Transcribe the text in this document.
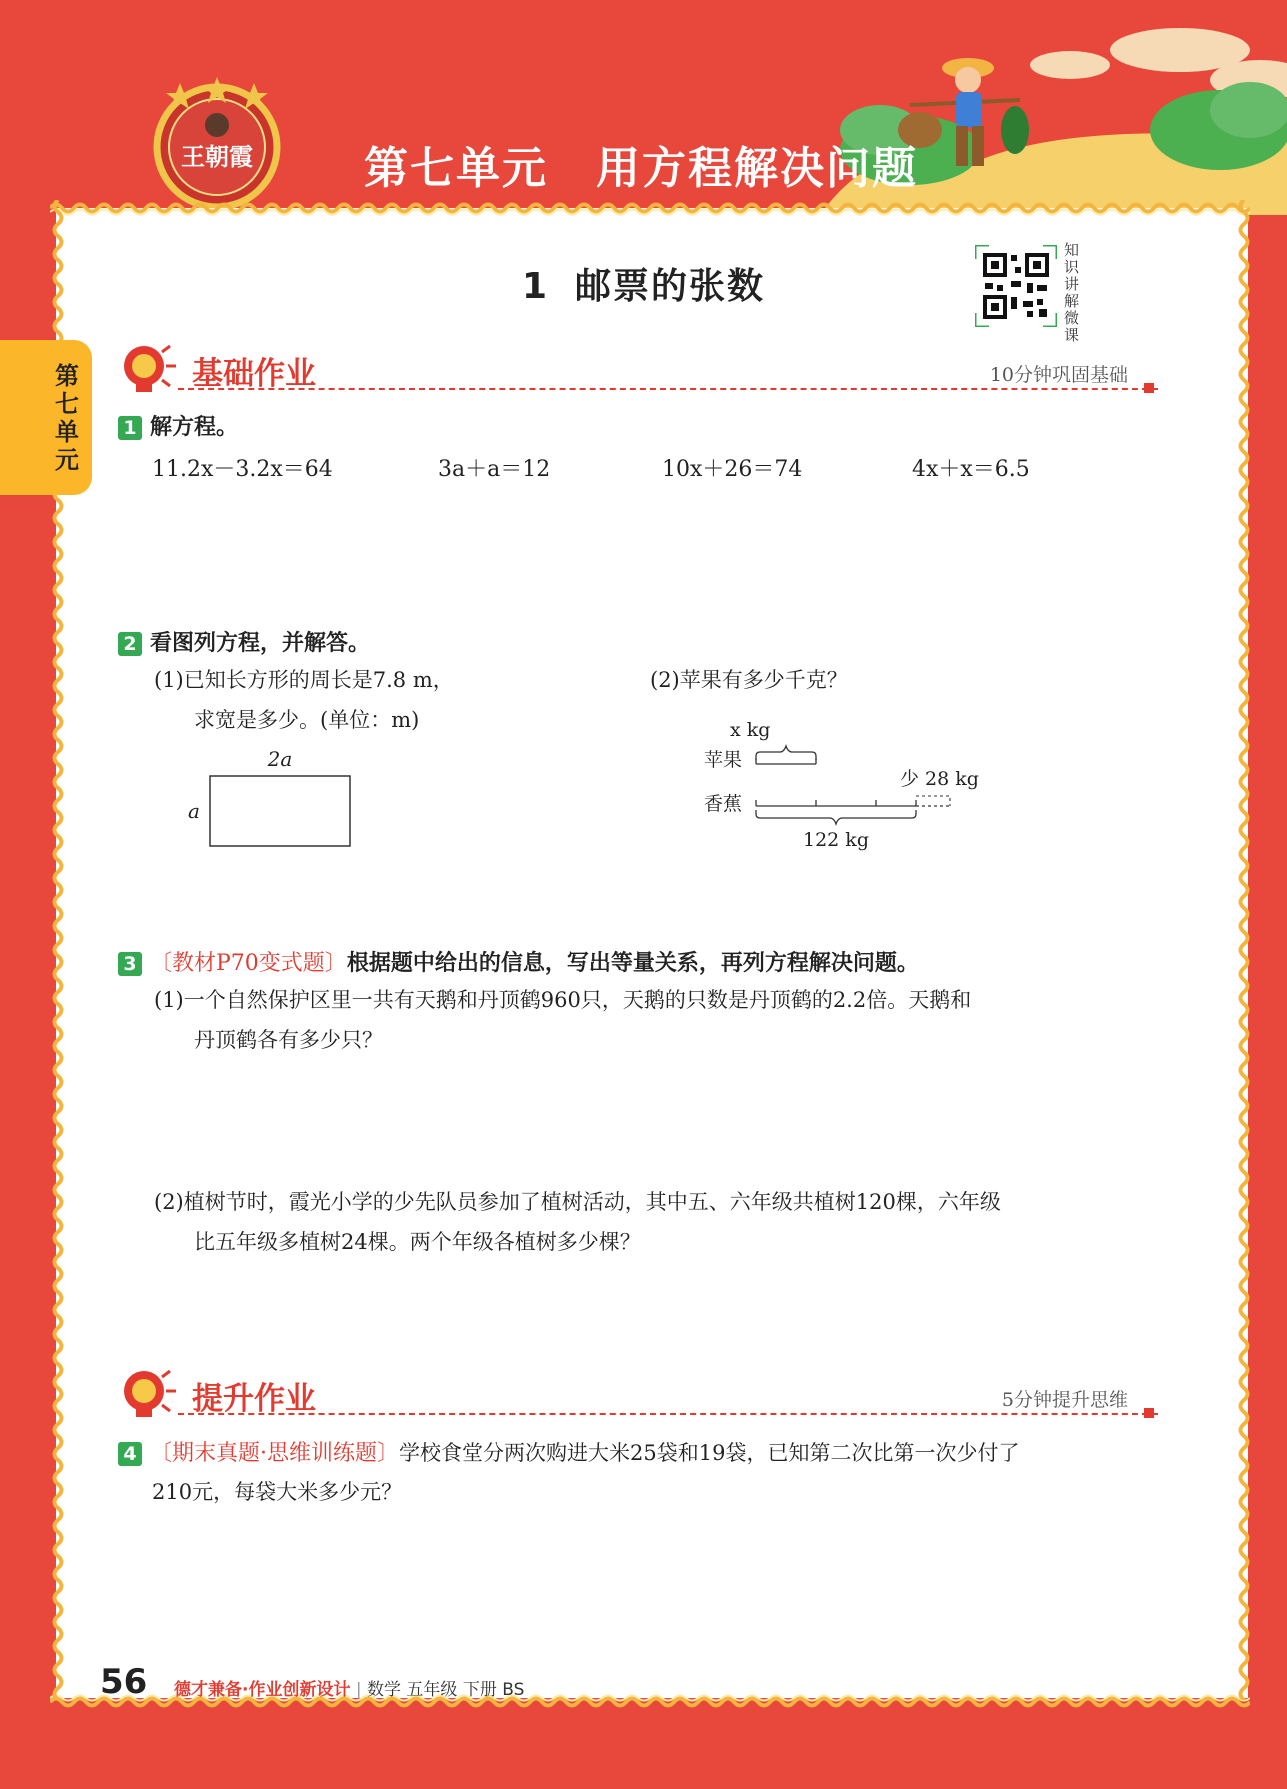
王朝霞	第七单元 用方程解决问题
第七单元
1 邮票的张数
知识讲解微课
基础作业	10分钟巩固基础
1 解方程。
11.2x－3.2x＝64	3a＋a＝12	10x＋26＝74	4x＋x＝6.5
2 看图列方程，并解答。
(1)已知长方形的周长是7.8 m，
求宽是多少。(单位：m)
(2)苹果有多少千克？
2a
a
x kg
苹果
少 28 kg
香蕉
122 kg
3 〔教材P70变式题〕根据题中给出的信息，写出等量关系，再列方程解决问题。
(1)一个自然保护区里一共有天鹅和丹顶鹤960只，天鹅的只数是丹顶鹤的2.2倍。天鹅和
丹顶鹤各有多少只？
(2)植树节时，霞光小学的少先队员参加了植树活动，其中五、六年级共植树120棵，六年级
比五年级多植树24棵。两个年级各植树多少棵？
提升作业	5分钟提升思维
4 〔期末真题·思维训练题〕学校食堂分两次购进大米25袋和19袋，已知第二次比第一次少付了
210元，每袋大米多少元？
56 德才兼备·作业创新设计 | 数学 五年级 下册 BS
